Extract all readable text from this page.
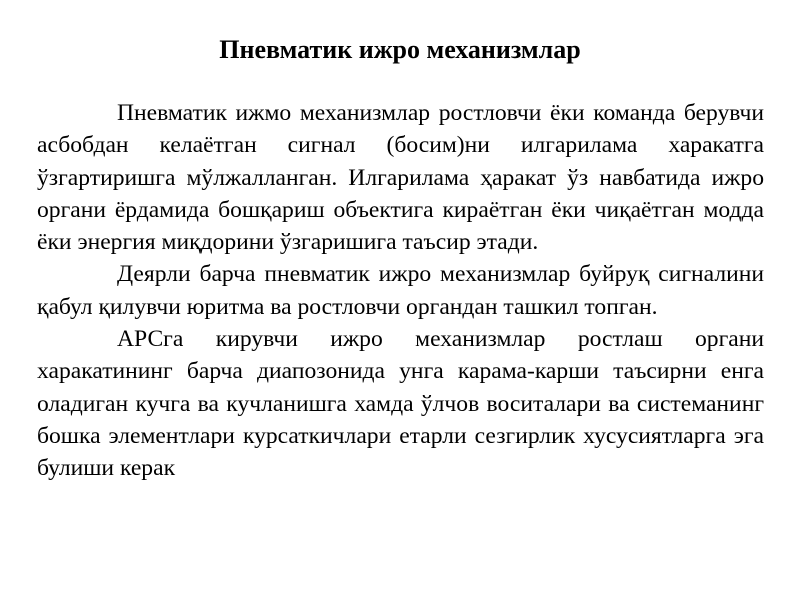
Пневматик ижро механизмлар

Пневматик ижмо механизмлар ростловчи ёки команда берувчи асбобдан келаётган сигнал (босим)ни илгарилама харакатга ўзгартиришга мўлжалланган. Илгарилама ҳаракат ўз навбатида ижро органи ёрдамида бошқариш объектига кираётган ёки чиқаётган модда ёки энергия миқдорини ўзгаришига таъсир этади.

Деярли барча пневматик ижро механизмлар буйруқ сигналини қабул қилувчи юритма ва ростловчи органдан ташкил топган.

АРСга кирувчи ижро механизмлар ростлаш органи харакатининг барча диапозонида унга карама-карши таъсирни енга оладиган кучга ва кучланишга хамда ўлчов воситалари ва системанинг бошка элементлари курсаткичлари етарли сезгирлик хусусиятларга эга булиши керак
